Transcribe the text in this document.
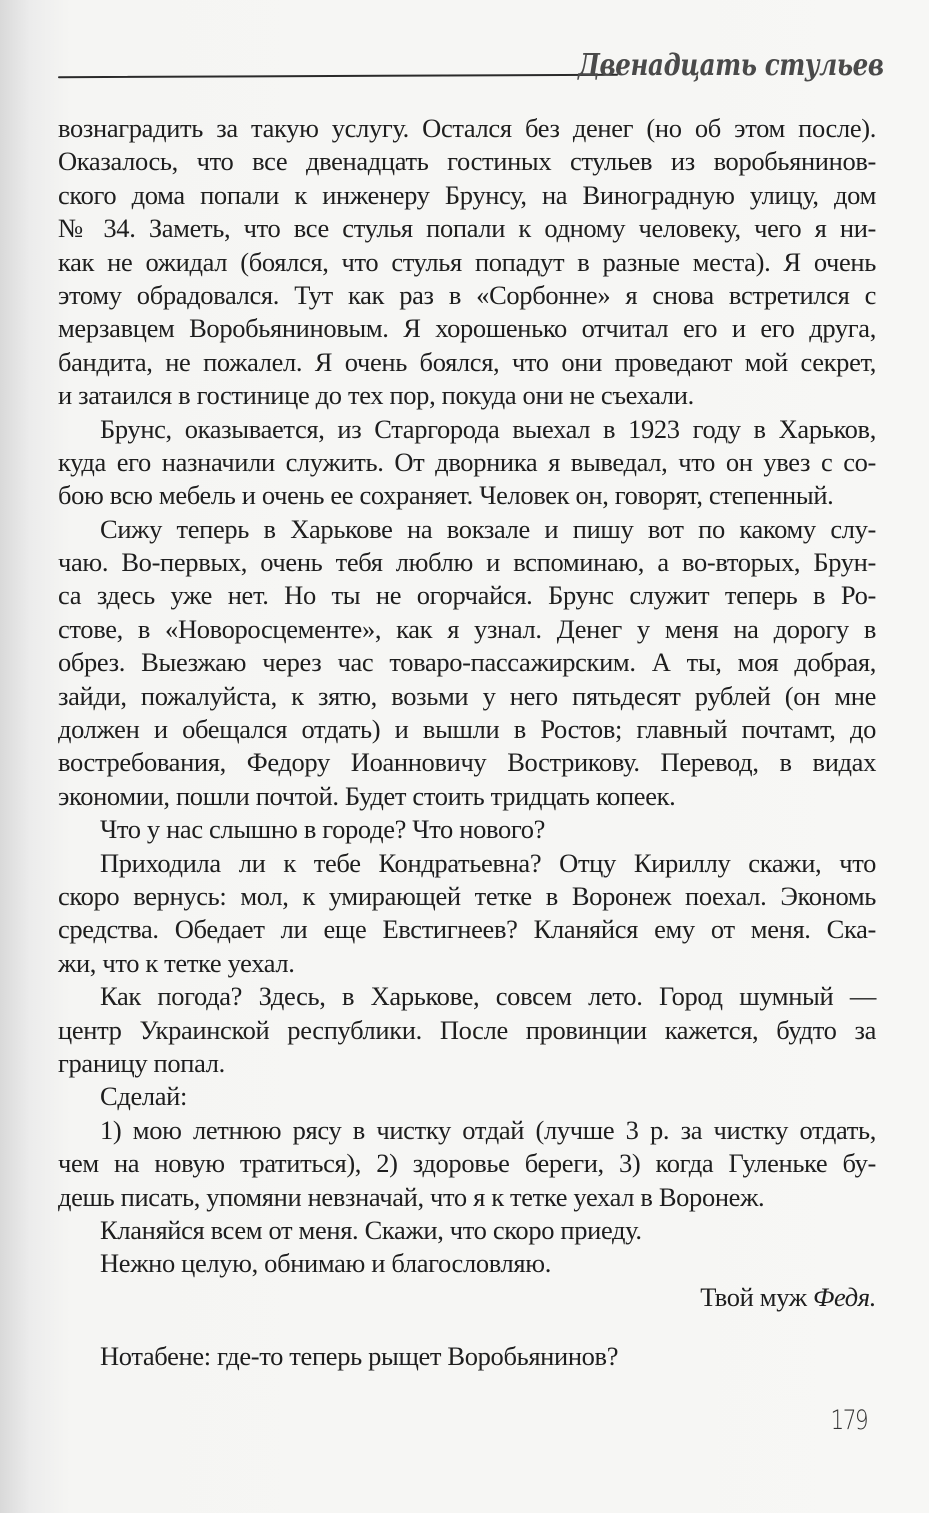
Двенадцать стульев
вознаградить за такую услугу. Остался без денег (но об этом после).
Оказалось, что все двенадцать гостиных стульев из воробьянинов-
ского дома попали к инженеру Брунсу, на Виноградную улицу, дом
№ 34. Заметь, что все стулья попали к одному человеку, чего я ни-
как не ожидал (боялся, что стулья попадут в разные места). Я очень
этому обрадовался. Тут как раз в «Сорбонне» я снова встретился с
мерзавцем Воробьяниновым. Я хорошенько отчитал его и его друга,
бандита, не пожалел. Я очень боялся, что они проведают мой секрет,
и затаился в гостинице до тех пор, покуда они не съехали.
Брунс, оказывается, из Старгорода выехал в 1923 году в Харьков,
куда его назначили служить. От дворника я выведал, что он увез с со-
бою всю мебель и очень ее сохраняет. Человек он, говорят, степенный.
Сижу теперь в Харькове на вокзале и пишу вот по какому слу-
чаю. Во-первых, очень тебя люблю и вспоминаю, а во-вторых, Брун-
са здесь уже нет. Но ты не огорчайся. Брунс служит теперь в Ро-
стове, в «Новоросцементе», как я узнал. Денег у меня на дорогу в
обрез. Выезжаю через час товаро-пассажирским. А ты, моя добрая,
зайди, пожалуйста, к зятю, возьми у него пятьдесят рублей (он мне
должен и обещался отдать) и вышли в Ростов; главный почтамт, до
востребования, Федору Иоанновичу Вострикову. Перевод, в видах
экономии, пошли почтой. Будет стоить тридцать копеек.
Что у нас слышно в городе? Что нового?
Приходила ли к тебе Кондратьевна? Отцу Кириллу скажи, что
скоро вернусь: мол, к умирающей тетке в Воронеж поехал. Экономь
средства. Обедает ли еще Евстигнеев? Кланяйся ему от меня. Ска-
жи, что к тетке уехал.
Как погода? Здесь, в Харькове, совсем лето. Город шумный —
центр Украинской республики. После провинции кажется, будто за
границу попал.
Сделай:
1) мою летнюю рясу в чистку отдай (лучше 3 р. за чистку отдать,
чем на новую тратиться), 2) здоровье береги, 3) когда Гуленьке бу-
дешь писать, упомяни невзначай, что я к тетке уехал в Воронеж.
Кланяйся всем от меня. Скажи, что скоро приеду.
Нежно целую, обнимаю и благословляю.
Твой муж Федя.
Нотабене: где-то теперь рыщет Воробьянинов?
179
